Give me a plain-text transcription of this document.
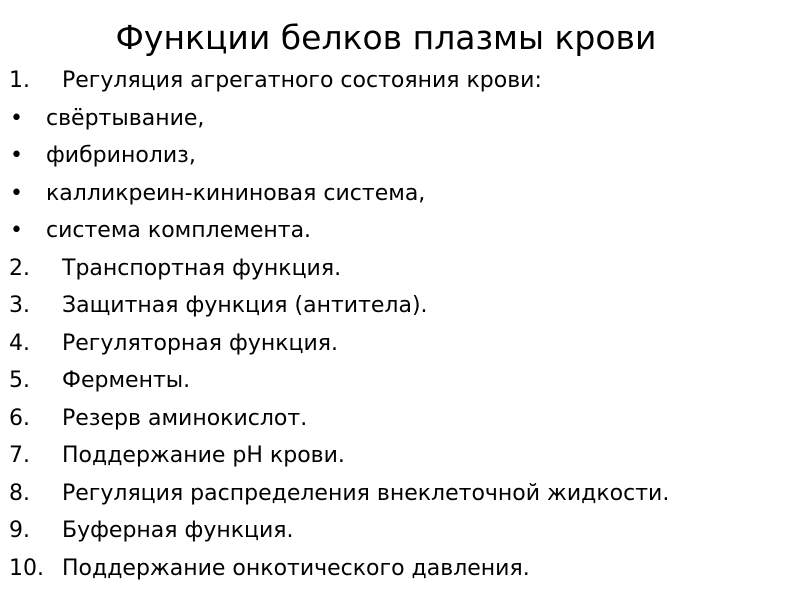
Функции белков плазмы крови
1. Регуляция агрегатного состояния крови:
• свёртывание,
• фибринолиз,
• калликреин-кининовая система,
• система комплемента.
2. Транспортная функция.
3. Защитная функция (антитела).
4. Регуляторная функция.
5. Ферменты.
6. Резерв аминокислот.
7. Поддержание рН крови.
8. Регуляция распределения внеклеточной жидкости.
9. Буферная функция.
10. Поддержание онкотического давления.
